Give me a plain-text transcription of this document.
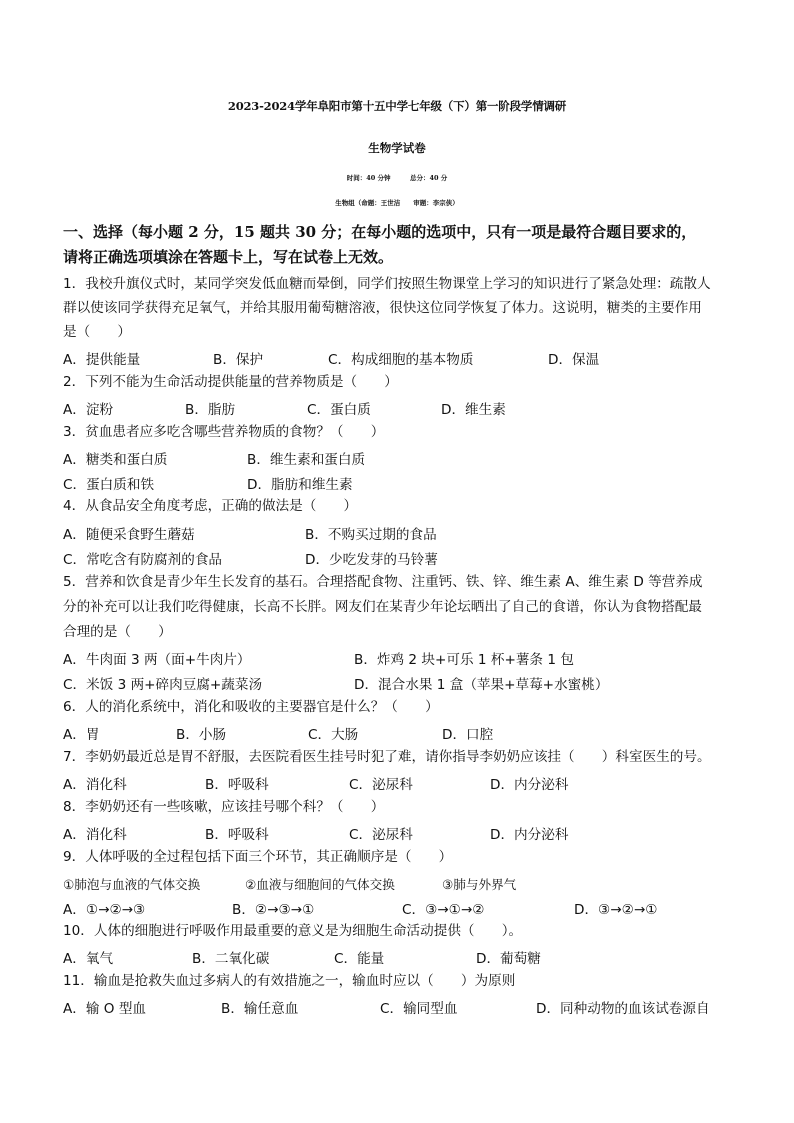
2023-2024学年阜阳市第十五中学七年级（下）第一阶段学情调研
生物学试卷
时间：40 分钟　　　总分：40 分
生物组（命题：王世洁　　审题：李宗侠）
一、选择（每小题 2 分，15 题共 30 分；在每小题的选项中，只有一项是最符合题目要求的，
请将正确选项填涂在答题卡上，写在试卷上无效。
1．我校升旗仪式时，某同学突发低血糖而晕倒，同学们按照生物课堂上学习的知识进行了紧急处理：疏散人
群以使该同学获得充足氧气，并给其服用葡萄糖溶液，很快这位同学恢复了体力。这说明，糖类的主要作用
是（　　）
A．提供能量	B．保护	C．构成细胞的基本物质	D．保温
2．下列不能为生命活动提供能量的营养物质是（　　）
A．淀粉	B．脂肪	C．蛋白质	D．维生素
3．贫血患者应多吃含哪些营养物质的食物？（　　）
A．糖类和蛋白质	B．维生素和蛋白质
C．蛋白质和铁	D．脂肪和维生素
4．从食品安全角度考虑，正确的做法是（　　）
A．随便采食野生蘑菇	B．不购买过期的食品
C．常吃含有防腐剂的食品	D．少吃发芽的马铃薯
5．营养和饮食是青少年生长发育的基石。合理搭配食物、注重钙、铁、锌、维生素 A、维生素 D 等营养成
分的补充可以让我们吃得健康，长高不长胖。网友们在某青少年论坛晒出了自己的食谱，你认为食物搭配最
合理的是（　　）
A．牛肉面 3 两（面+牛肉片）	B．炸鸡 2 块+可乐 1 杯+薯条 1 包
C．米饭 3 两+碎肉豆腐+蔬菜汤	D．混合水果 1 盒（苹果+草莓+水蜜桃）
6．人的消化系统中，消化和吸收的主要器官是什么？（　　）
A．胃	B．小肠	C．大肠	D．口腔
7．李奶奶最近总是胃不舒服，去医院看医生挂号时犯了难，请你指导李奶奶应该挂（　　）科室医生的号。
A．消化科	B．呼吸科	C．泌尿科	D．内分泌科
8．李奶奶还有一些咳嗽，应该挂号哪个科？（　　）
A．消化科	B．呼吸科	C．泌尿科	D．内分泌科
9．人体呼吸的全过程包括下面三个环节，其正确顺序是（　　）
①肺泡与血液的气体交换	②血液与细胞间的气体交换	③肺与外界气
A．①→②→③	B．②→③→①	C．③→①→②	D．③→②→①
10．人体的细胞进行呼吸作用最重要的意义是为细胞生命活动提供（　　）。
A．氧气	B．二氧化碳	C．能量	D．葡萄糖
11．输血是抢救失血过多病人的有效措施之一，输血时应以（　　）为原则
A．输 O 型血	B．输任意血	C．输同型血	D．同种动物的血该试卷源自
